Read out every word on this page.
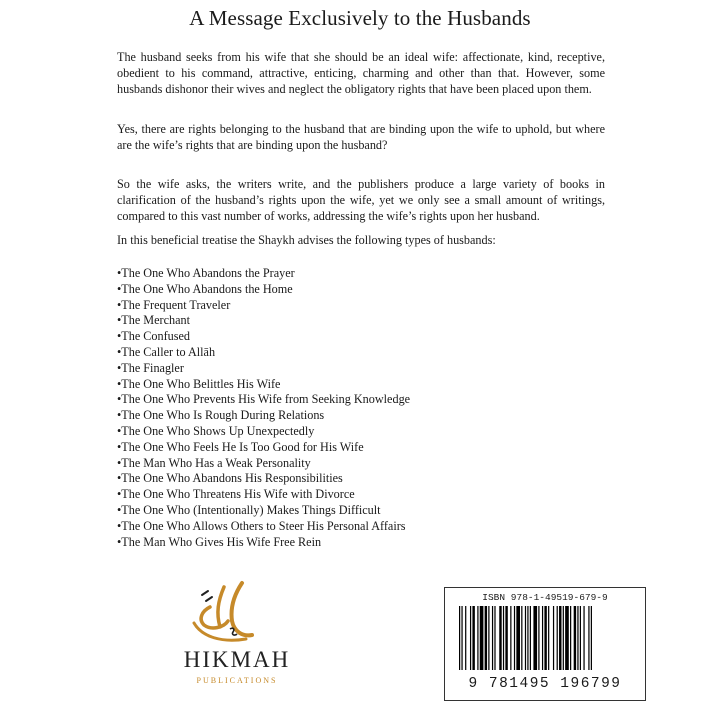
A Message Exclusively to the Husbands

The husband seeks from his wife that she should be an ideal wife: affectionate, kind, receptive, obedient to his command, attractive, enticing, charming and other than that. However, some husbands dishonor their wives and neglect the obligatory rights that have been placed upon them.

Yes, there are rights belonging to the husband that are binding upon the wife to uphold, but where are the wife’s rights that are binding upon the husband?

So the wife asks, the writers write, and the publishers produce a large variety of books in clarification of the husband’s rights upon the wife, yet we only see a small amount of writings, compared to this vast number of works, addressing the wife’s rights upon her husband.

In this beneficial treatise the Shaykh advises the following types of husbands:

• The One Who Abandons the Prayer
• The One Who Abandons the Home
• The Frequent Traveler
• The Merchant
• The Confused
• The Caller to Allāh
• The Finagler
• The One Who Belittles His Wife
• The One Who Prevents His Wife from Seeking Knowledge
• The One Who Is Rough During Relations
• The One Who Shows Up Unexpectedly
• The One Who Feels He Is Too Good for His Wife
• The Man Who Has a Weak Personality
• The One Who Abandons His Responsibilities
• The One Who Threatens His Wife with Divorce
• The One Who (Intentionally) Makes Things Difficult
• The One Who Allows Others to Steer His Personal Affairs
• The Man Who Gives His Wife Free Rein
HIKMAH
PUBLICATIONS
ISBN 978-1-49519-679-9
9 781495 196799
